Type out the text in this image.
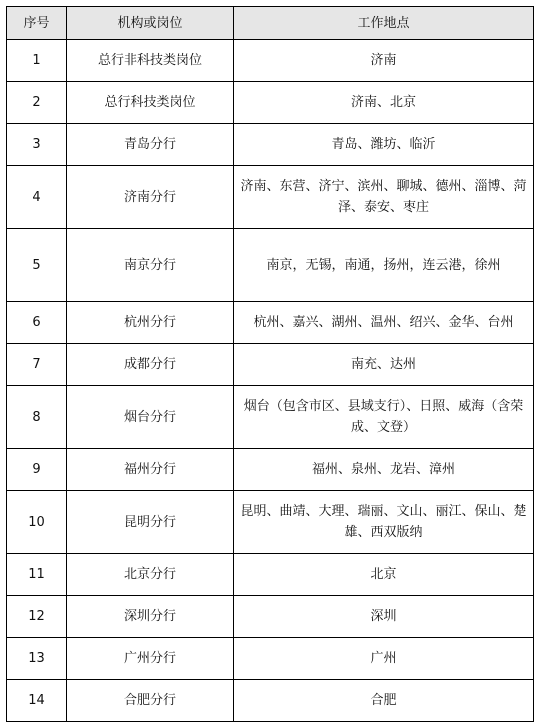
序号	机构或岗位	工作地点
1	总行非科技类岗位	济南
2	总行科技类岗位	济南、北京
3	青岛分行	青岛、潍坊、临沂
4	济南分行	济南、东营、济宁、滨州、聊城、德州、淄博、菏泽、泰安、枣庄
5	南京分行	南京，无锡，南通，扬州，连云港，徐州
6	杭州分行	杭州、嘉兴、湖州、温州、绍兴、金华、台州
7	成都分行	南充、达州
8	烟台分行	烟台（包含市区、县域支行）、日照、威海（含荣成、文登）
9	福州分行	福州、泉州、龙岩、漳州
10	昆明分行	昆明、曲靖、大理、瑞丽、文山、丽江、保山、楚雄、西双版纳
11	北京分行	北京
12	深圳分行	深圳
13	广州分行	广州
14	合肥分行	合肥
